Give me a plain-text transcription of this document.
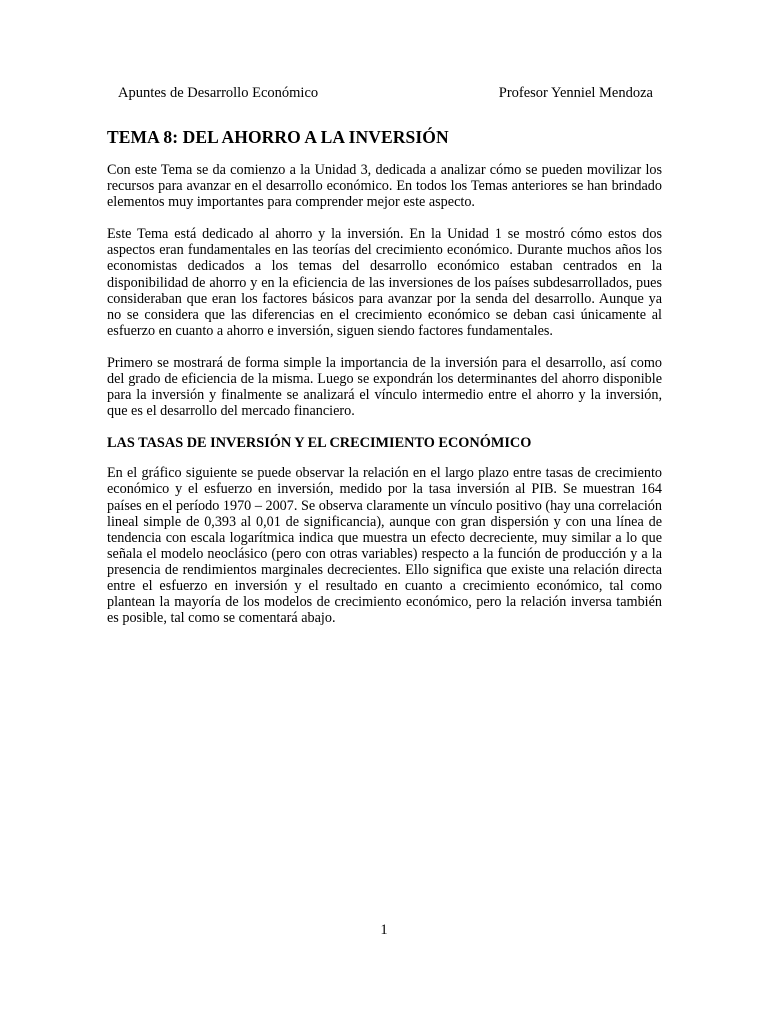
Apuntes de Desarrollo Económico	Profesor Yenniel Mendoza
TEMA 8: DEL AHORRO A LA INVERSIÓN

Con este Tema se da comienzo a la Unidad 3, dedicada a analizar cómo se pueden movilizar los recursos para avanzar en el desarrollo económico. En todos los Temas anteriores se han brindado elementos muy importantes para comprender mejor este aspecto.

Este Tema está dedicado al ahorro y la inversión. En la Unidad 1 se mostró cómo estos dos aspectos eran fundamentales en las teorías del crecimiento económico. Durante muchos años los economistas dedicados a los temas del desarrollo económico estaban centrados en la disponibilidad de ahorro y en la eficiencia de las inversiones de los países subdesarrollados, pues consideraban que eran los factores básicos para avanzar por la senda del desarrollo. Aunque ya no se considera que las diferencias en el crecimiento económico se deban casi únicamente al esfuerzo en cuanto a ahorro e inversión, siguen siendo factores fundamentales.

Primero se mostrará de forma simple la importancia de la inversión para el desarrollo, así como del grado de eficiencia de la misma. Luego se expondrán los determinantes del ahorro disponible para la inversión y finalmente se analizará el vínculo intermedio entre el ahorro y la inversión, que es el desarrollo del mercado financiero.

LAS TASAS DE INVERSIÓN Y EL CRECIMIENTO ECONÓMICO

En el gráfico siguiente se puede observar la relación en el largo plazo entre tasas de crecimiento económico y el esfuerzo en inversión, medido por la tasa inversión al PIB. Se muestran 164 países en el período 1970 – 2007. Se observa claramente un vínculo positivo (hay una correlación lineal simple de 0,393 al 0,01 de significancia), aunque con gran dispersión y con una línea de tendencia con escala logarítmica indica que muestra un efecto decreciente, muy similar a lo que señala el modelo neoclásico (pero con otras variables) respecto a la función de producción y a la presencia de rendimientos marginales decrecientes. Ello significa que existe una relación directa entre el esfuerzo en inversión y el resultado en cuanto a crecimiento económico, tal como plantean la mayoría de los modelos de crecimiento económico, pero la relación inversa también es posible, tal como se comentará abajo.

1
